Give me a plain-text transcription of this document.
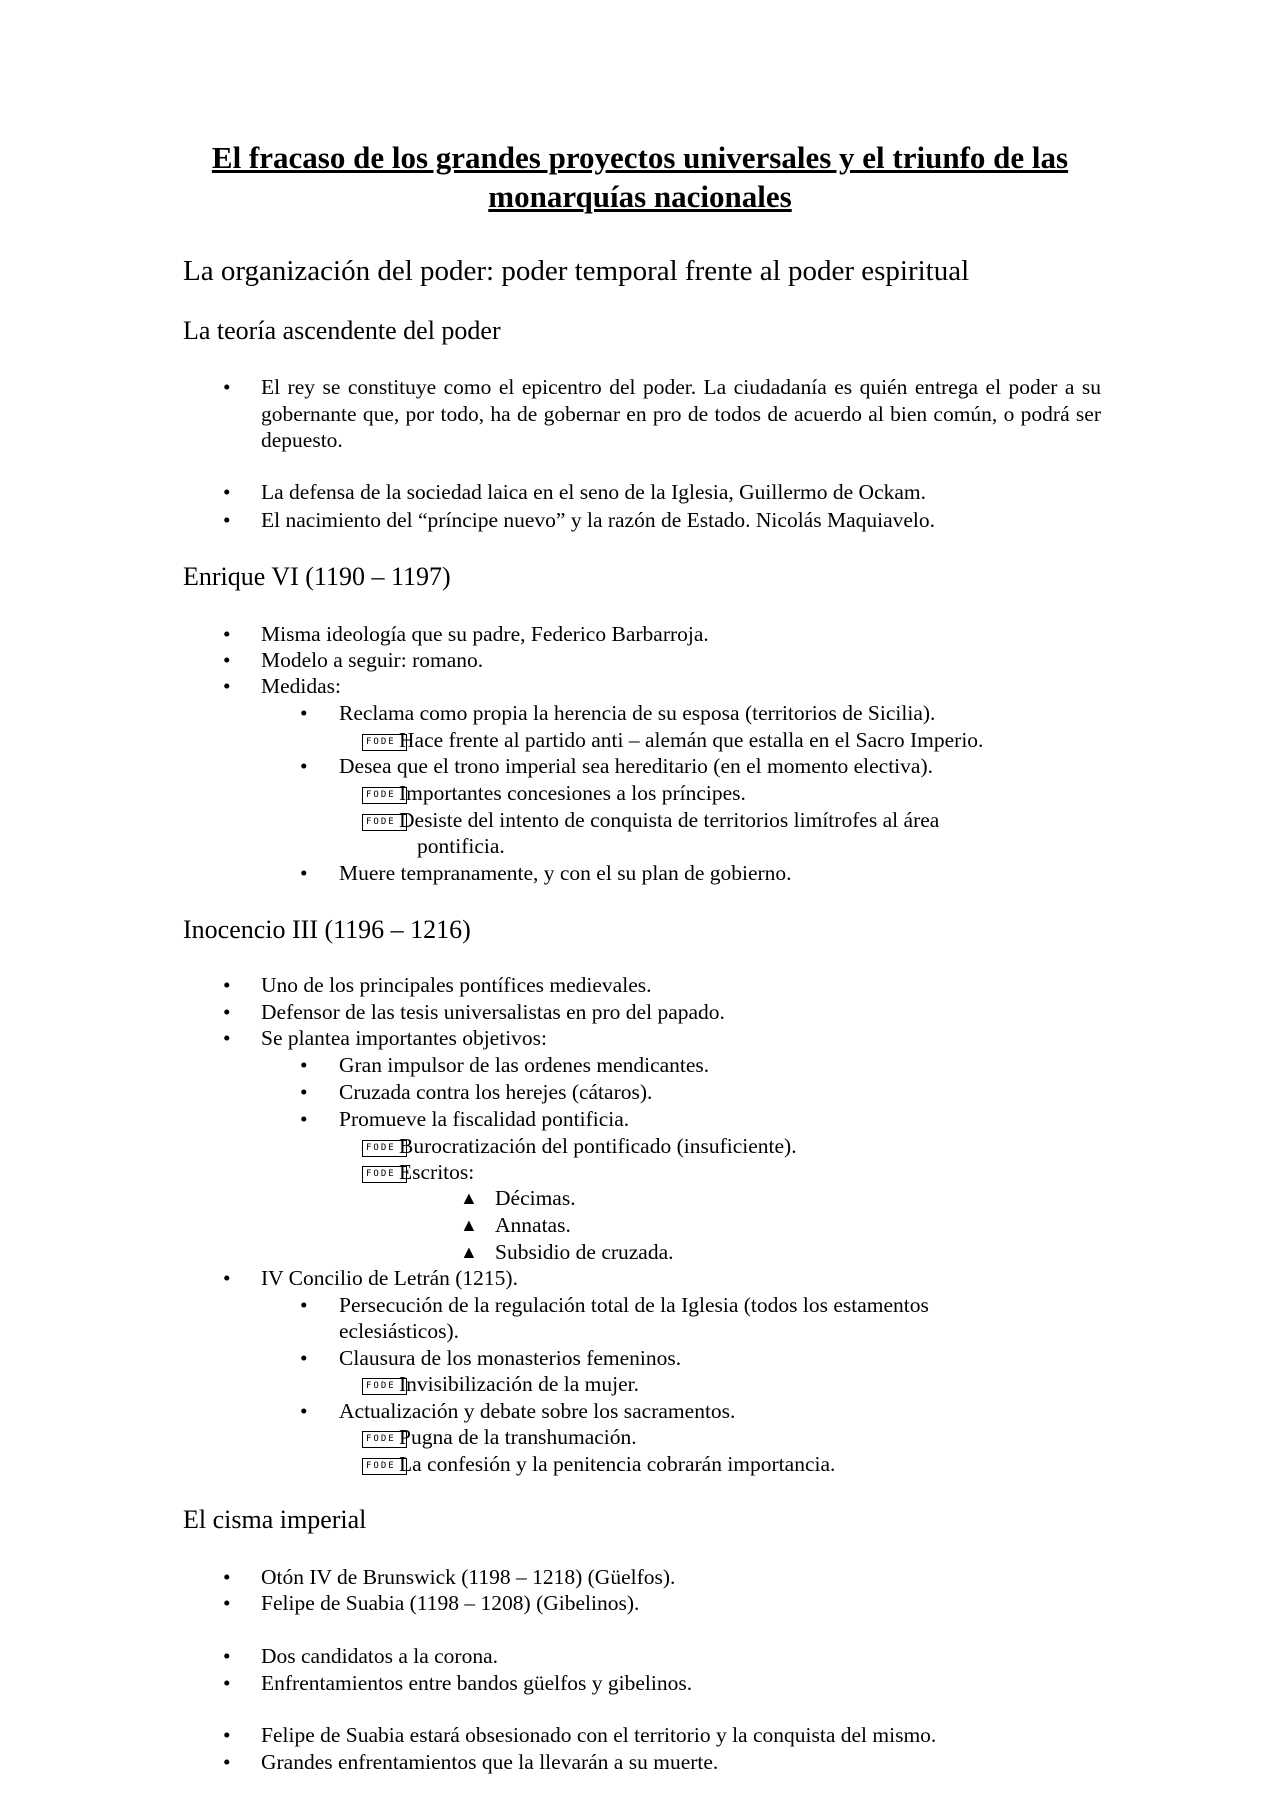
El fracaso de los grandes proyectos universales y el triunfo de las monarquías nacionales
La organización del poder: poder temporal frente al poder espiritual
La teoría ascendente del poder
• El rey se constituye como el epicentro del poder. La ciudadanía es quién entrega el poder a su gobernante que, por todo, ha de gobernar en pro de todos de acuerdo al bien común, o podrá ser depuesto.
• La defensa de la sociedad laica en el seno de la Iglesia, Guillermo de Ockam.
• El nacimiento del “príncipe nuevo” y la razón de Estado. Nicolás Maquiavelo.
Enrique VI (1190 – 1197)
• Misma ideología que su padre, Federico Barbarroja.
• Modelo a seguir: romano.
• Medidas:
• Reclama como propia la herencia de su esposa (territorios de Sicilia).
FODE Hace frente al partido anti – alemán que estalla en el Sacro Imperio.
• Desea que el trono imperial sea hereditario (en el momento electiva).
FODE Importantes concesiones a los príncipes.
FODE Desiste del intento de conquista de territorios limítrofes al área
pontificia.
• Muere tempranamente, y con el su plan de gobierno.
Inocencio III (1196 – 1216)
• Uno de los principales pontífices medievales.
• Defensor de las tesis universalistas en pro del papado.
• Se plantea importantes objetivos:
• Gran impulsor de las ordenes mendicantes.
• Cruzada contra los herejes (cátaros).
• Promueve la fiscalidad pontificia.
FODE Burocratización del pontificado (insuficiente).
FODE Escritos:
▲ Décimas.
▲ Annatas.
▲ Subsidio de cruzada.
• IV Concilio de Letrán (1215).
• Persecución de la regulación total de la Iglesia (todos los estamentos
eclesiásticos).
• Clausura de los monasterios femeninos.
FODE Invisibilización de la mujer.
• Actualización y debate sobre los sacramentos.
FODE Pugna de la transhumación.
FODE La confesión y la penitencia cobrarán importancia.
El cisma imperial
• Otón IV de Brunswick (1198 – 1218) (Güelfos).
• Felipe de Suabia (1198 – 1208) (Gibelinos).
• Dos candidatos a la corona.
• Enfrentamientos entre bandos güelfos y gibelinos.
• Felipe de Suabia estará obsesionado con el territorio y la conquista del mismo.
• Grandes enfrentamientos que la llevarán a su muerte.
